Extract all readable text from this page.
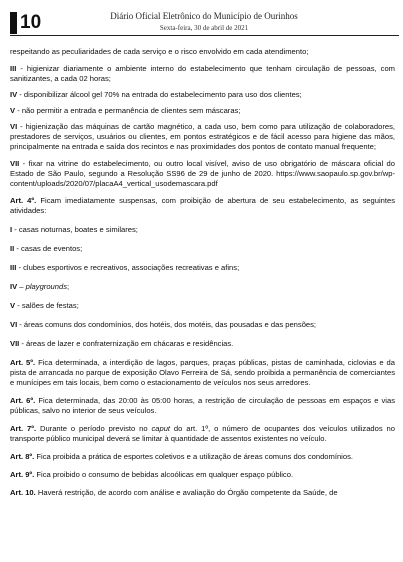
10	Diário Oficial Eletrônico do Município de Ourinhos
Sexta-feira, 30 de abril de 2021

respeitando as peculiaridades de cada serviço e o risco envolvido em cada atendimento;

III - higienizar diariamente o ambiente interno do estabelecimento que tenham circulação de pessoas, com sanitizantes, a cada 02 horas;

IV - disponibilizar álcool gel 70% na entrada do estabelecimento para uso dos clientes;

V - não permitir a entrada e permanência de clientes sem máscaras;

VI - higienização das máquinas de cartão magnético, a cada uso, bem como para utilização de colaboradores, prestadores de serviços, usuários ou clientes, em pontos estratégicos e de fácil acesso para higiene das mãos, principalmente na entrada e saída dos recintos e nas proximidades dos pontos de contato manual frequente;

VII - fixar na vitrine do estabelecimento, ou outro local visível, aviso de uso obrigatório de máscara oficial do Estado de São Paulo, segundo a Resolução SS96 de 29 de junho de 2020. https://www.saopaulo.sp.gov.br/wp-content/uploads/2020/07/placaA4_vertical_usodemascara.pdf

Art. 4º. Ficam imediatamente suspensas, com proibição de abertura de seu estabelecimento, as seguintes atividades:

I - casas noturnas, boates e similares;

II - casas de eventos;

III - clubes esportivos e recreativos, associações recreativas e afins;

IV – playgrounds;

V - salões de festas;

VI - áreas comuns dos condomínios, dos hotéis, dos motéis, das pousadas e das pensões;

VII - áreas de lazer e confraternização em chácaras e residências.

Art. 5º. Fica determinada, a interdição de lagos, parques, praças públicas, pistas de caminhada, ciclovias e da pista de arrancada no parque de exposição Olavo Ferreira de Sá, sendo proibida a permanência de comerciantes e munícipes em tais locais, bem como o estacionamento de veículos nos seus arredores.

Art. 6º. Fica determinada, das 20:00 às 05:00 horas, a restrição de circulação de pessoas em espaços e vias públicas, salvo no interior de seus veículos.

Art. 7º. Durante o período previsto no caput do art. 1º, o número de ocupantes dos veículos utilizados no transporte público municipal deverá se limitar à quantidade de assentos existentes no veículo.

Art. 8º. Fica proibida a prática de esportes coletivos e a utilização de áreas comuns dos condomínios.

Art. 9º. Fica proibido o consumo de bebidas alcoólicas em qualquer espaço público.

Art. 10. Haverá restrição, de acordo com análise e avaliação do Órgão competente da Saúde, de
